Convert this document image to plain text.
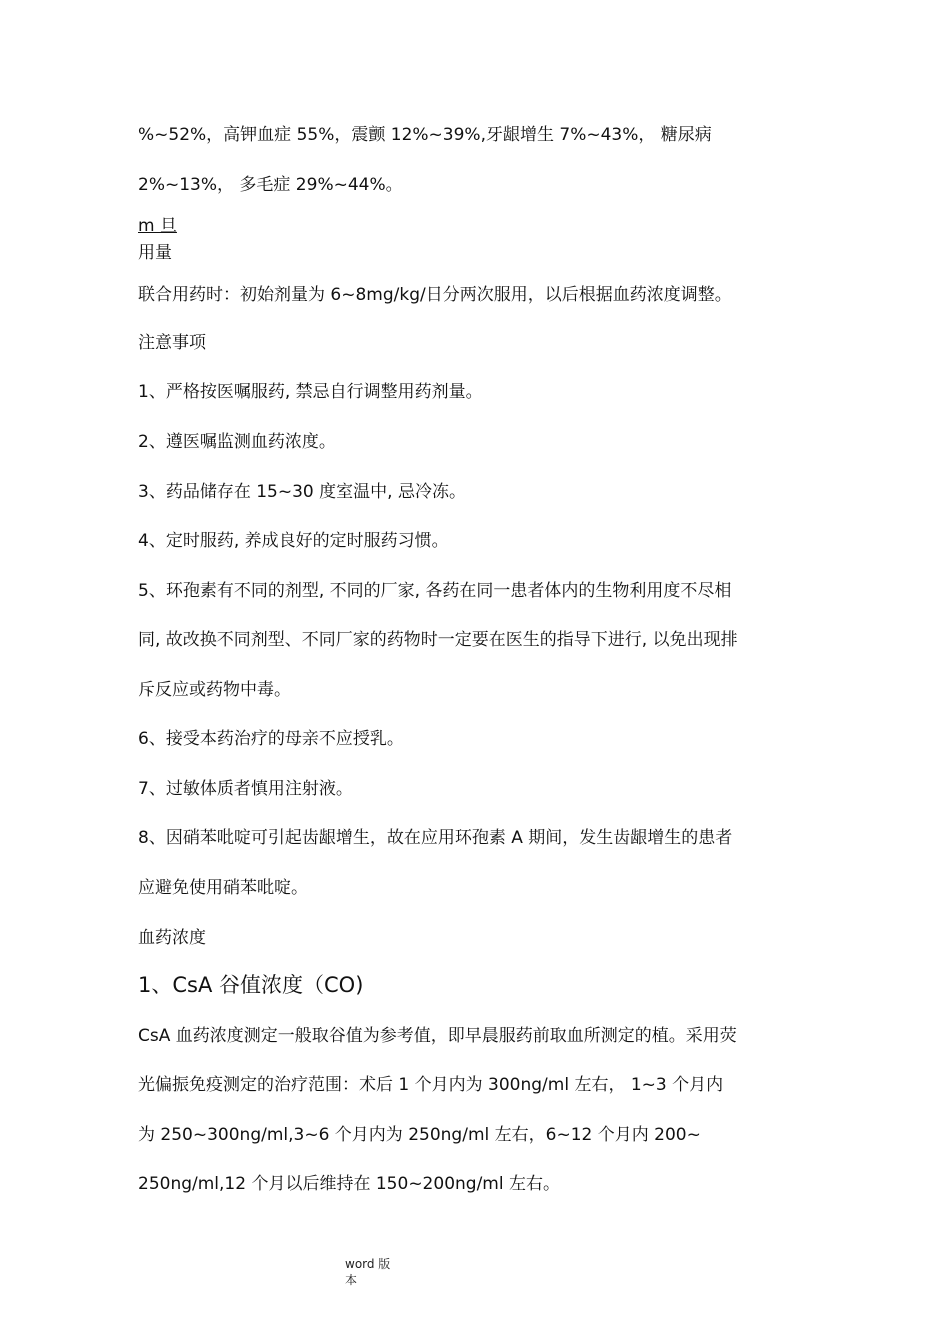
%~52%，高钾血症 55%，震颤 12%~39%,牙龈增生 7%~43%， 糖尿病
2%~13%， 多毛症 29%~44%。
m 旦
用量
联合用药时：初始剂量为 6~8mg/kg/日分两次服用，以后根据血药浓度调整。
注意事项
1、严格按医嘱服药, 禁忌自行调整用药剂量。
2、遵医嘱监测血药浓度。
3、药品储存在 15~30 度室温中, 忌冷冻。
4、定时服药, 养成良好的定时服药习惯。
5、环孢素有不同的剂型, 不同的厂家, 各药在同一患者体内的生物利用度不尽相
同, 故改换不同剂型、不同厂家的药物时一定要在医生的指导下进行, 以免出现排
斥反应或药物中毒。
6、接受本药治疗的母亲不应授乳。
7、过敏体质者慎用注射液。
8、因硝苯吡啶可引起齿龈增生，故在应用环孢素 A 期间，发生齿龈增生的患者
应避免使用硝苯吡啶。
血药浓度
1、CsA 谷值浓度（CO)
CsA 血药浓度测定一般取谷值为参考值，即早晨服药前取血所测定的植。采用荧
光偏振免疫测定的治疗范围：术后 1 个月内为 300ng/ml 左右， 1~3 个月内
为 250~300ng/ml,3~6 个月内为 250ng/ml 左右，6~12 个月内 200~
250ng/ml,12 个月以后维持在 150~200ng/ml 左右。
word 版
本
